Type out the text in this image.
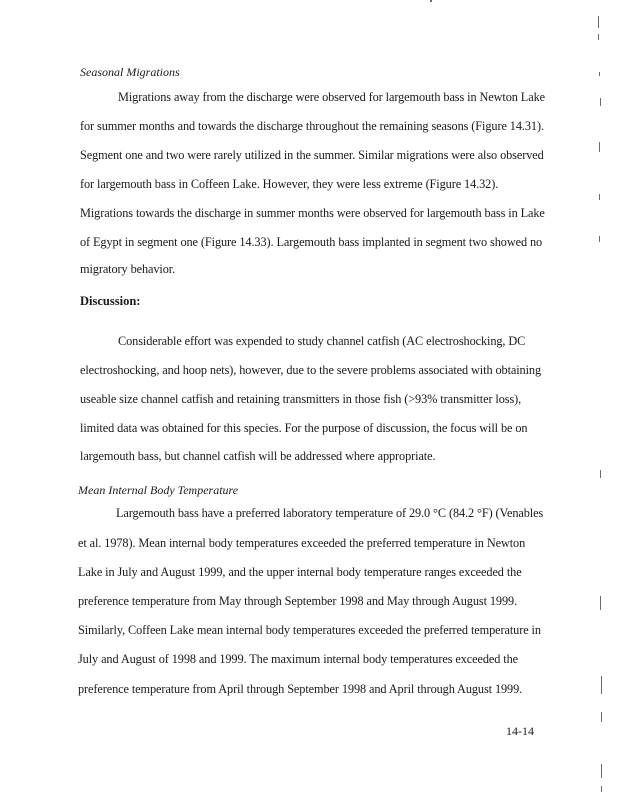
Seasonal Migrations
Migrations away from the discharge were observed for largemouth bass in Newton Lake
for summer months and towards the discharge throughout the remaining seasons (Figure 14.31).
Segment one and two were rarely utilized in the summer. Similar migrations were also observed
for largemouth bass in Coffeen Lake. However, they were less extreme (Figure 14.32).
Migrations towards the discharge in summer months were observed for largemouth bass in Lake
of Egypt in segment one (Figure 14.33). Largemouth bass implanted in segment two showed no
migratory behavior.
Discussion:
Considerable effort was expended to study channel catfish (AC electroshocking, DC
electroshocking, and hoop nets), however, due to the severe problems associated with obtaining
useable size channel catfish and retaining transmitters in those fish (>93% transmitter loss),
limited data was obtained for this species. For the purpose of discussion, the focus will be on
largemouth bass, but channel catfish will be addressed where appropriate.
Mean Internal Body Temperature
Largemouth bass have a preferred laboratory temperature of 29.0 °C (84.2 °F) (Venables
et al. 1978). Mean internal body temperatures exceeded the preferred temperature in Newton
Lake in July and August 1999, and the upper internal body temperature ranges exceeded the
preference temperature from May through September 1998 and May through August 1999.
Similarly, Coffeen Lake mean internal body temperatures exceeded the preferred temperature in
July and August of 1998 and 1999. The maximum internal body temperatures exceeded the
preference temperature from April through September 1998 and April through August 1999.
14-14
